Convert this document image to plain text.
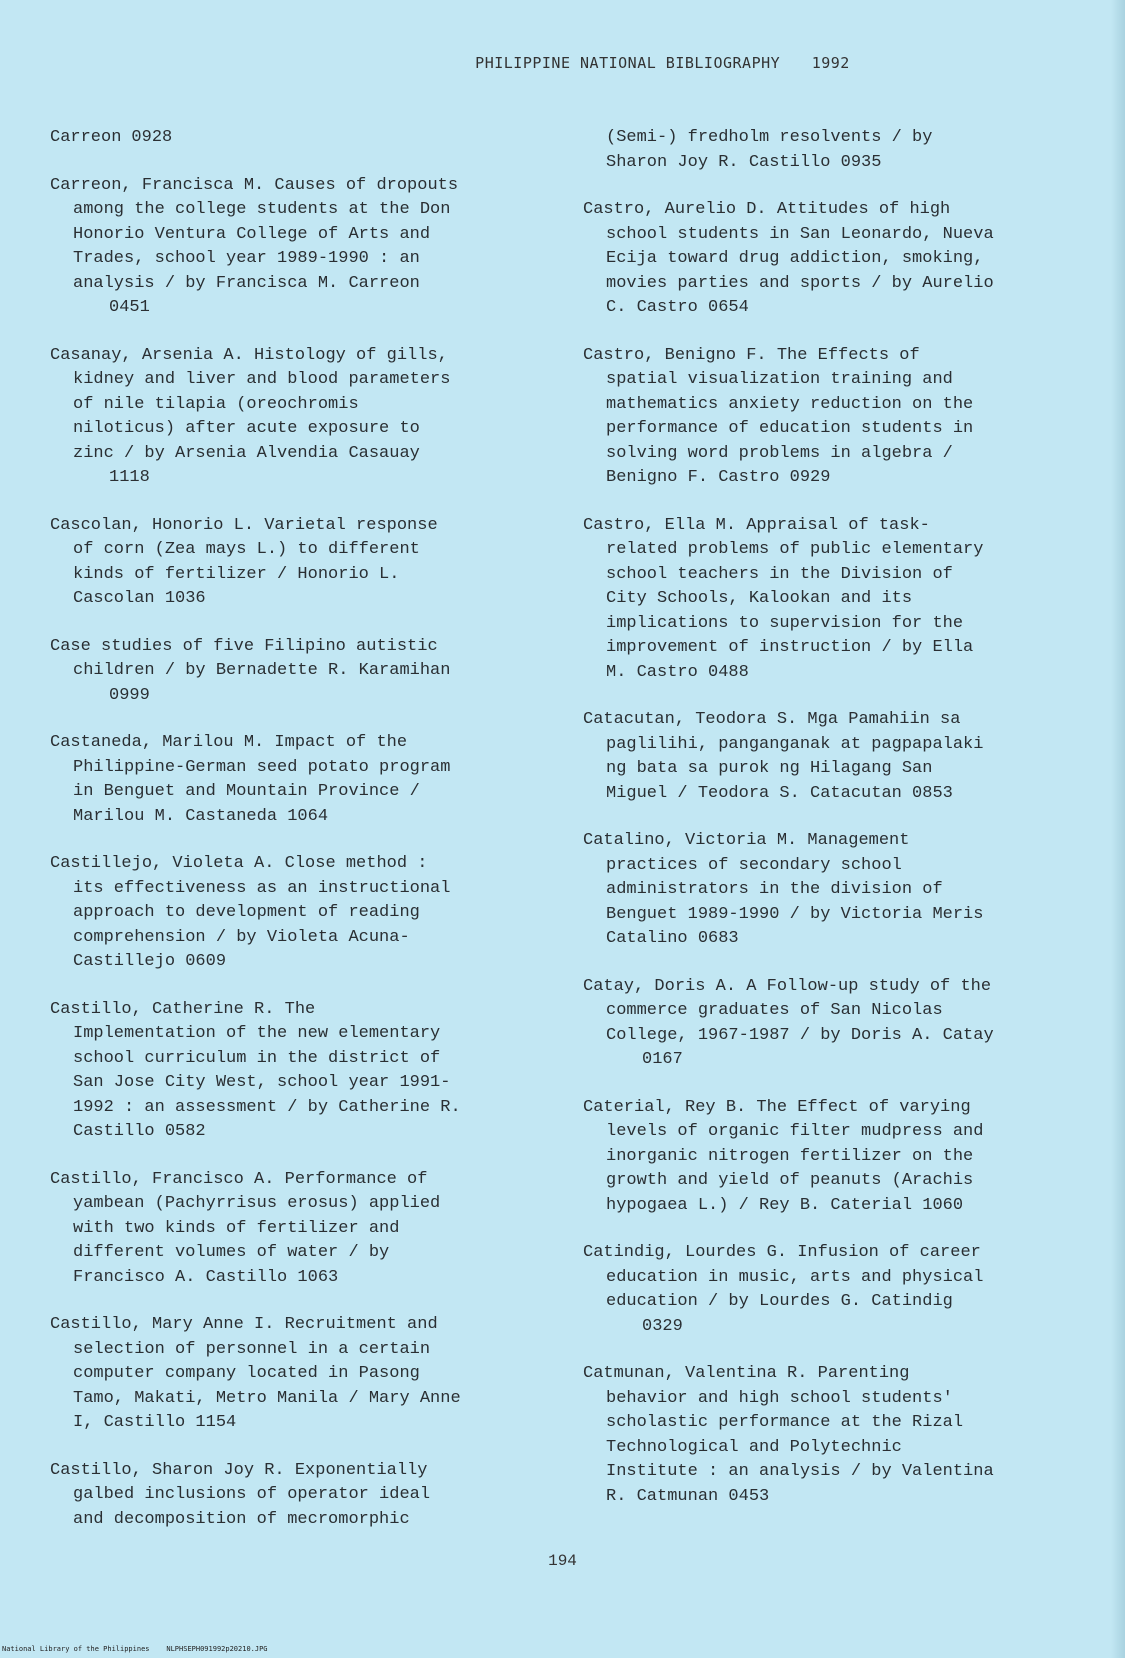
PHILIPPINE NATIONAL BIBLIOGRAPHY 1992
Carreon 0928
Carreon, Francisca M. Causes of dropouts
among the college students at the Don
Honorio Ventura College of Arts and
Trades, school year 1989-1990 : an
analysis / by Francisca M. Carreon
0451
Casanay, Arsenia A. Histology of gills,
kidney and liver and blood parameters
of nile tilapia (oreochromis
niloticus) after acute exposure to
zinc / by Arsenia Alvendia Casauay
1118
Cascolan, Honorio L. Varietal response
of corn (Zea mays L.) to different
kinds of fertilizer / Honorio L.
Cascolan 1036
Case studies of five Filipino autistic
children / by Bernadette R. Karamihan
0999
Castaneda, Marilou M. Impact of the
Philippine-German seed potato program
in Benguet and Mountain Province /
Marilou M. Castaneda 1064
Castillejo, Violeta A. Close method :
its effectiveness as an instructional
approach to development of reading
comprehension / by Violeta Acuna-
Castillejo 0609
Castillo, Catherine R. The
Implementation of the new elementary
school curriculum in the district of
San Jose City West, school year 1991-
1992 : an assessment / by Catherine R.
Castillo 0582
Castillo, Francisco A. Performance of
yambean (Pachyrrisus erosus) applied
with two kinds of fertilizer and
different volumes of water / by
Francisco A. Castillo 1063
Castillo, Mary Anne I. Recruitment and
selection of personnel in a certain
computer company located in Pasong
Tamo, Makati, Metro Manila / Mary Anne
I, Castillo 1154
Castillo, Sharon Joy R. Exponentially
galbed inclusions of operator ideal
and decomposition of mecromorphic
(Semi-) fredholm resolvents / by
Sharon Joy R. Castillo 0935
Castro, Aurelio D. Attitudes of high
school students in San Leonardo, Nueva
Ecija toward drug addiction, smoking,
movies parties and sports / by Aurelio
C. Castro 0654
Castro, Benigno F. The Effects of
spatial visualization training and
mathematics anxiety reduction on the
performance of education students in
solving word problems in algebra /
Benigno F. Castro 0929
Castro, Ella M. Appraisal of task-
related problems of public elementary
school teachers in the Division of
City Schools, Kalookan and its
implications to supervision for the
improvement of instruction / by Ella
M. Castro 0488
Catacutan, Teodora S. Mga Pamahiin sa
paglilihi, panganganak at pagpapalaki
ng bata sa purok ng Hilagang San
Miguel / Teodora S. Catacutan 0853
Catalino, Victoria M. Management
practices of secondary school
administrators in the division of
Benguet 1989-1990 / by Victoria Meris
Catalino 0683
Catay, Doris A. A Follow-up study of the
commerce graduates of San Nicolas
College, 1967-1987 / by Doris A. Catay
0167
Caterial, Rey B. The Effect of varying
levels of organic filter mudpress and
inorganic nitrogen fertilizer on the
growth and yield of peanuts (Arachis
hypogaea L.) / Rey B. Caterial 1060
Catindig, Lourdes G. Infusion of career
education in music, arts and physical
education / by Lourdes G. Catindig
0329
Catmunan, Valentina R. Parenting
behavior and high school students'
scholastic performance at the Rizal
Technological and Polytechnic
Institute : an analysis / by Valentina
R. Catmunan 0453
194
National Library of the Philippines NLPHSEPH091992p20210.JPG
